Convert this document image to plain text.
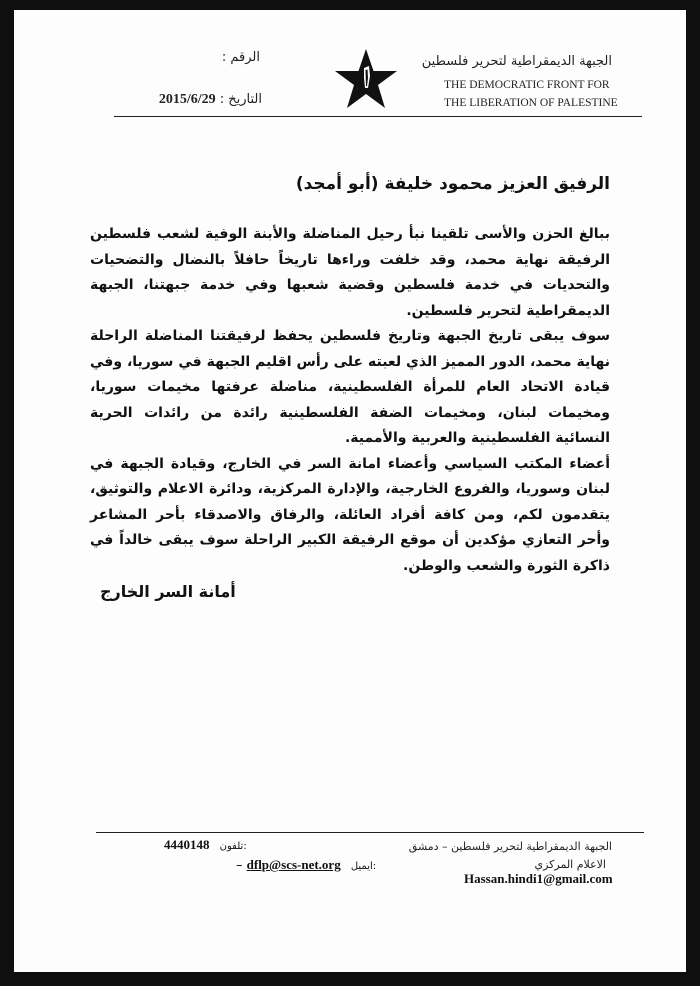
الجبهة الديمقراطية لتحرير فلسطين
THE DEMOCRATIC FRONT FOR
THE LIBERATION OF PALESTINE
الرقم :
التاريخ : 2015/6/29
الرفيق العزيز محمود خليفة (أبو أمجد)

ببالغ الحزن والأسى تلقينا نبأ رحيل المناضلة والأبنة الوفية لشعب فلسطين الرفيقة نهاية محمد، وقد خلفت وراءها تاريخاً حافلاً بالنضال والتضحيات والتحديات في خدمة فلسطين وقضية شعبها وفي خدمة جبهتنا، الجبهة الديمقراطية لتحرير فلسطين.

سوف يبقى تاريخ الجبهة وتاريخ فلسطين يحفظ لرفيقتنا المناضلة الراحلة نهاية محمد، الدور المميز الذي لعبته على رأس اقليم الجبهة في سوريا، وفي قيادة الاتحاد العام للمرأة الفلسطينية، مناضلة عرفتها مخيمات سوريا، ومخيمات لبنان، ومخيمات الضفة الفلسطينية رائدة من رائدات الحرية النسائية الفلسطينية والعربية والأممية.

أعضاء المكتب السياسي وأعضاء امانة السر في الخارج، وقيادة الجبهة في لبنان وسوريا، والفروع الخارجية، والإدارة المركزية، ودائرة الاعلام والتوثيق، يتقدمون لكم، ومن كافة أفراد العائلة، والرفاق والاصدقاء بأحر المشاعر وأحر التعازي مؤكدين أن موقع الرفيقة الكبير الراحلة سوف يبقى خالداً في ذاكرة الثورة والشعب والوطن.

أمانة السر الخارج
الجبهة الديمقراطية لتحرير فلسطين – دمشق
الاعلام المركزي
Hassan.hindi1@gmail.com
4440148 تلفون:
– dflp@scs-net.org ايميل:
